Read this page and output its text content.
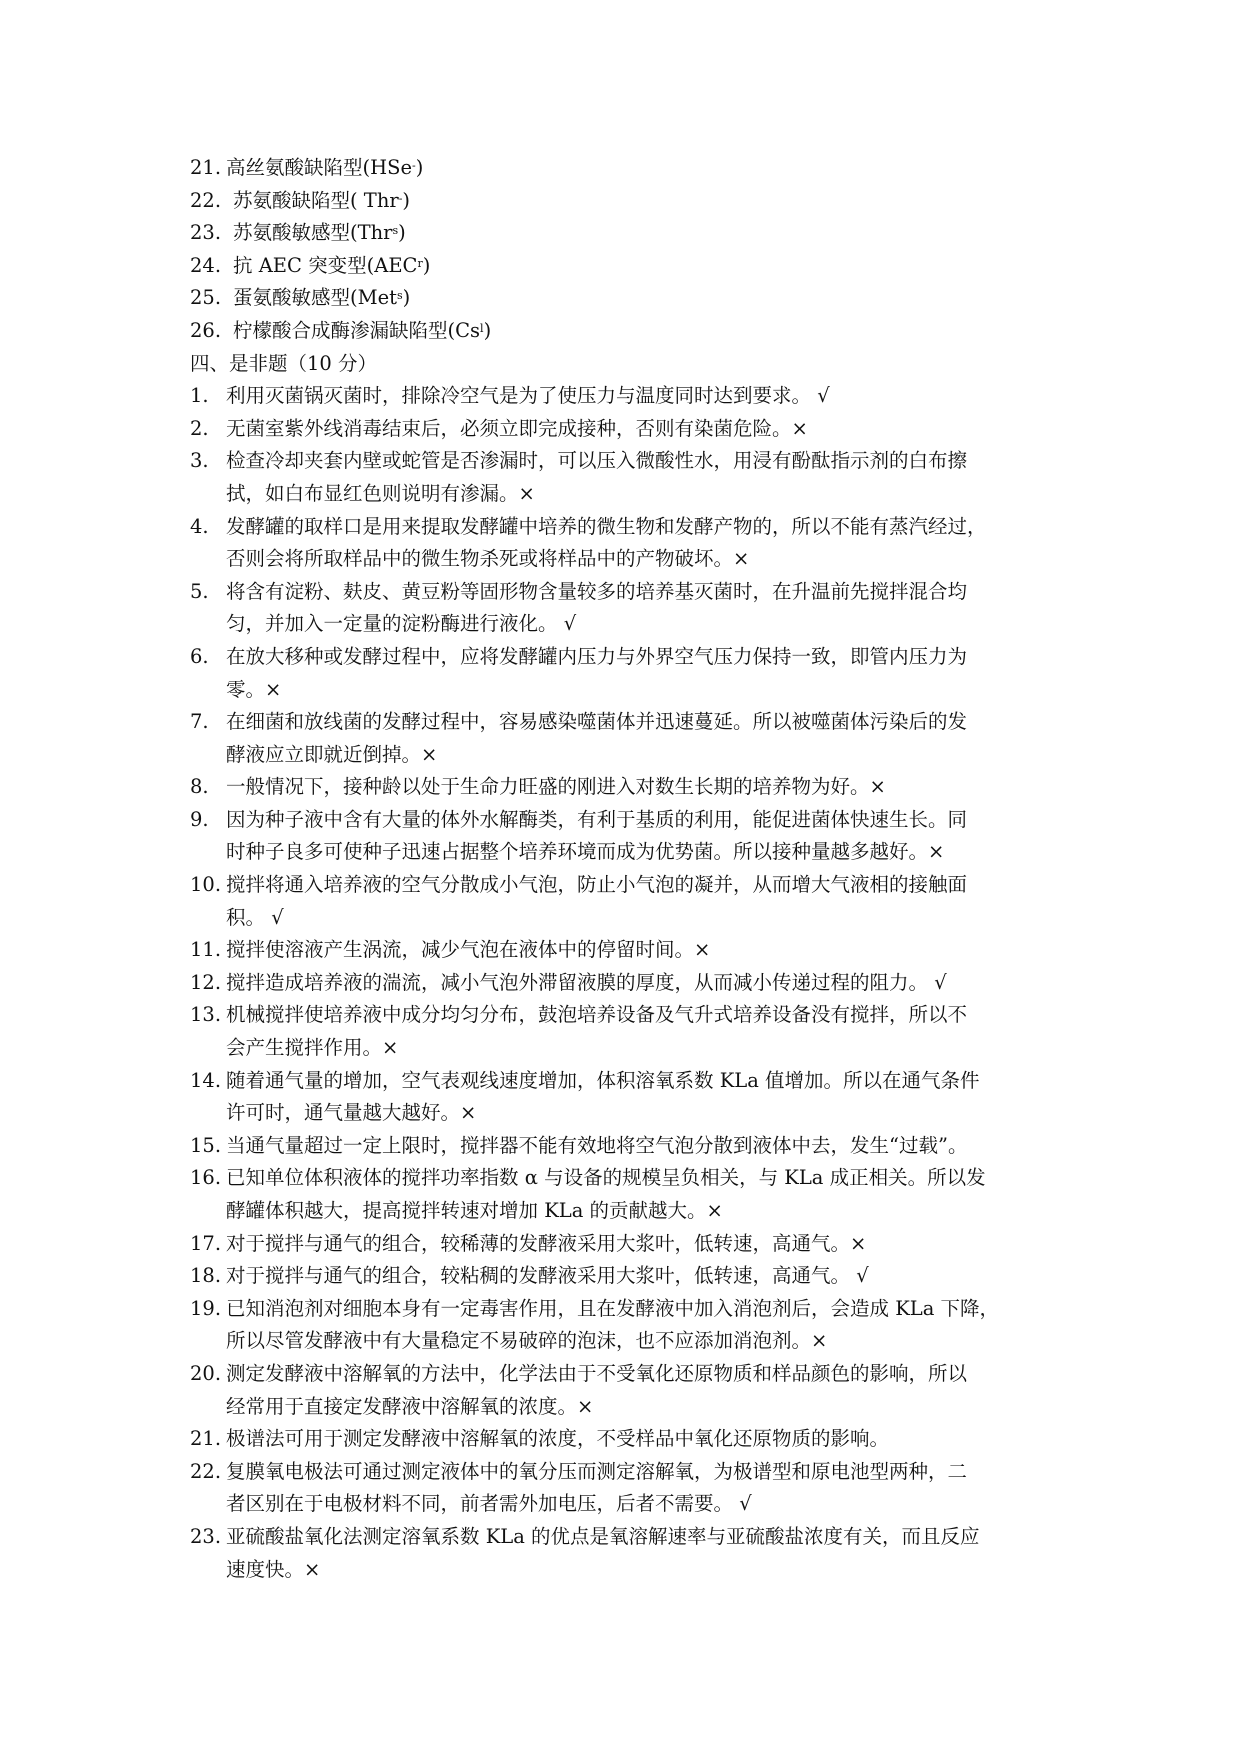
21. 高丝氨酸缺陷型(HSe-)
22. 苏氨酸缺陷型( Thr-)
23. 苏氨酸敏感型(Thr$^s$)
24. 抗 AEC 突变型(AEC$^r$)
25. 蛋氨酸敏感型(Met$^s$)
26. 柠檬酸合成酶渗漏缺陷型(Cs$^l$)
四、是非题（10 分）
1. 利用灭菌锅灭菌时，排除冷空气是为了使压力与温度同时达到要求。 √
2. 无菌室紫外线消毒结束后，必须立即完成接种，否则有染菌危险。×
3. 检查冷却夹套内壁或蛇管是否渗漏时，可以压入微酸性水，用浸有酚酞指示剂的白布擦
拭，如白布显红色则说明有渗漏。×
4. 发酵罐的取样口是用来提取发酵罐中培养的微生物和发酵产物的，所以不能有蒸汽经过，
否则会将所取样品中的微生物杀死或将样品中的产物破坏。×
5. 将含有淀粉、麸皮、黄豆粉等固形物含量较多的培养基灭菌时，在升温前先搅拌混合均
匀，并加入一定量的淀粉酶进行液化。 √
6. 在放大移种或发酵过程中，应将发酵罐内压力与外界空气压力保持一致，即管内压力为
零。×
7. 在细菌和放线菌的发酵过程中，容易感染噬菌体并迅速蔓延。所以被噬菌体污染后的发
酵液应立即就近倒掉。×
8. 一般情况下，接种龄以处于生命力旺盛的刚进入对数生长期的培养物为好。×
9. 因为种子液中含有大量的体外水解酶类，有利于基质的利用，能促进菌体快速生长。同
时种子良多可使种子迅速占据整个培养环境而成为优势菌。所以接种量越多越好。×
10. 搅拌将通入培养液的空气分散成小气泡，防止小气泡的凝并，从而增大气液相的接触面
积。 √
11. 搅拌使溶液产生涡流，减少气泡在液体中的停留时间。×
12. 搅拌造成培养液的湍流，减小气泡外滞留液膜的厚度，从而减小传递过程的阻力。 √
13. 机械搅拌使培养液中成分均匀分布，鼓泡培养设备及气升式培养设备没有搅拌，所以不
会产生搅拌作用。×
14. 随着通气量的增加，空气表观线速度增加，体积溶氧系数 KLa 值增加。所以在通气条件
许可时，通气量越大越好。×
15. 当通气量超过一定上限时，搅拌器不能有效地将空气泡分散到液体中去，发生“过载”。
16. 已知单位体积液体的搅拌功率指数 α 与设备的规模呈负相关，与 KLa 成正相关。所以发
酵罐体积越大，提高搅拌转速对增加 KLa 的贡献越大。×
17. 对于搅拌与通气的组合，较稀薄的发酵液采用大浆叶，低转速，高通气。×
18. 对于搅拌与通气的组合，较粘稠的发酵液采用大浆叶，低转速，高通气。 √
19. 已知消泡剂对细胞本身有一定毒害作用，且在发酵液中加入消泡剂后，会造成 KLa 下降，
所以尽管发酵液中有大量稳定不易破碎的泡沫，也不应添加消泡剂。×
20. 测定发酵液中溶解氧的方法中，化学法由于不受氧化还原物质和样品颜色的影响，所以
经常用于直接定发酵液中溶解氧的浓度。×
21. 极谱法可用于测定发酵液中溶解氧的浓度，不受样品中氧化还原物质的影响。
22. 复膜氧电极法可通过测定液体中的氧分压而测定溶解氧，为极谱型和原电池型两种，二
者区别在于电极材料不同，前者需外加电压，后者不需要。 √
23. 亚硫酸盐氧化法测定溶氧系数 KLa 的优点是氧溶解速率与亚硫酸盐浓度有关，而且反应
速度快。×
